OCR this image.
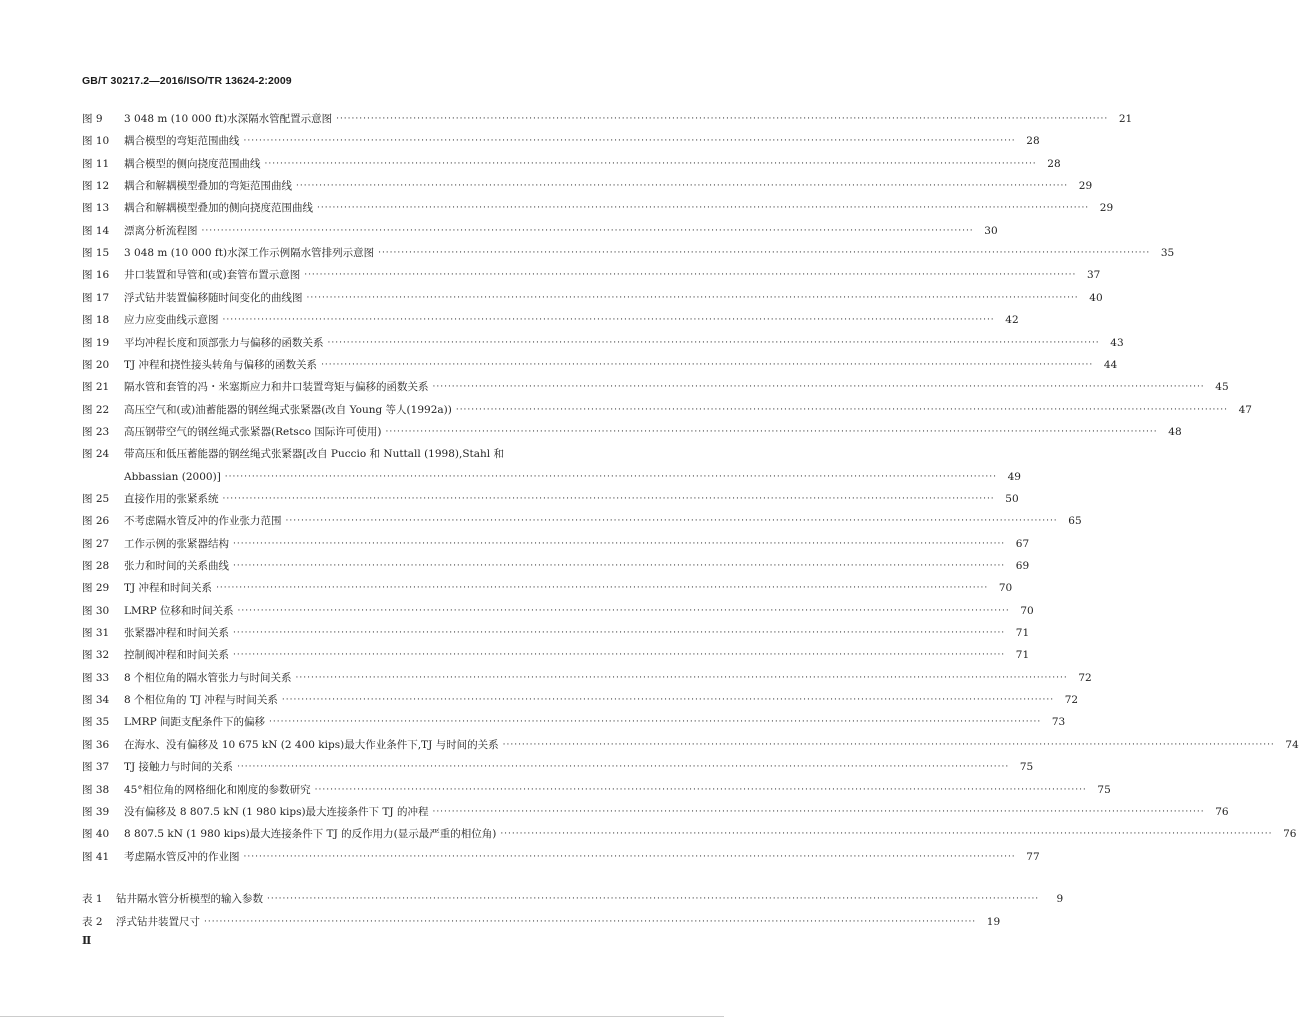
GB/T 30217.2—2016/ISO/TR 13624-2:2009
图 9	3 048 m (10 000 ft)水深隔水管配置示意图 ········································································································································································································	21
图 10	耦合模型的弯矩范围曲线 ········································································································································································································	28
图 11	耦合模型的侧向挠度范围曲线 ········································································································································································································	28
图 12	耦合和解耦模型叠加的弯矩范围曲线 ········································································································································································································	29
图 13	耦合和解耦模型叠加的侧向挠度范围曲线 ········································································································································································································	29
图 14	漂离分析流程图 ········································································································································································································	30
图 15	3 048 m (10 000 ft)水深工作示例隔水管排列示意图 ········································································································································································································	35
图 16	井口装置和导管和(或)套管布置示意图 ········································································································································································································	37
图 17	浮式钻井装置偏移随时间变化的曲线图 ········································································································································································································	40
图 18	应力应变曲线示意图 ········································································································································································································	42
图 19	平均冲程长度和顶部张力与偏移的函数关系 ········································································································································································································	43
图 20	TJ 冲程和挠性接头转角与偏移的函数关系 ········································································································································································································	44
图 21	隔水管和套管的冯・米塞斯应力和井口装置弯矩与偏移的函数关系 ········································································································································································································	45
图 22	高压空气和(或)油蓄能器的钢丝绳式张紧器(改自 Young 等人(1992a)) ········································································································································································································	47
图 23	高压钢带空气的钢丝绳式张紧器(Retsco 国际许可使用) ········································································································································································································	48
图 24	带高压和低压蓄能器的钢丝绳式张紧器[改自 Puccio 和 Nuttall (1998),Stahl 和
Abbassian (2000)] ········································································································································································································	49
图 25	直接作用的张紧系统 ········································································································································································································	50
图 26	不考虑隔水管反冲的作业张力范围 ········································································································································································································	65
图 27	工作示例的张紧器结构 ········································································································································································································	67
图 28	张力和时间的关系曲线 ········································································································································································································	69
图 29	TJ 冲程和时间关系 ········································································································································································································	70
图 30	LMRP 位移和时间关系 ········································································································································································································	70
图 31	张紧器冲程和时间关系 ········································································································································································································	71
图 32	控制阀冲程和时间关系 ········································································································································································································	71
图 33	8 个相位角的隔水管张力与时间关系 ········································································································································································································	72
图 34	8 个相位角的 TJ 冲程与时间关系 ········································································································································································································	72
图 35	LMRP 间距支配条件下的偏移 ········································································································································································································	73
图 36	在海水、没有偏移及 10 675 kN (2 400 kips)最大作业条件下,TJ 与时间的关系 ········································································································································································································	74
图 37	TJ 接触力与时间的关系 ········································································································································································································	75
图 38	45°相位角的网格细化和刚度的参数研究 ········································································································································································································	75
图 39	没有偏移及 8 807.5 kN (1 980 kips)最大连接条件下 TJ 的冲程 ········································································································································································································	76
图 40	8 807.5 kN (1 980 kips)最大连接条件下 TJ 的反作用力(显示最严重的相位角) ········································································································································································································	76
图 41	考虑隔水管反冲的作业图 ········································································································································································································	77
表 1	钻井隔水管分析模型的输入参数 ········································································································································································································	9
表 2	浮式钻井装置尺寸 ········································································································································································································	19
Ⅱ
